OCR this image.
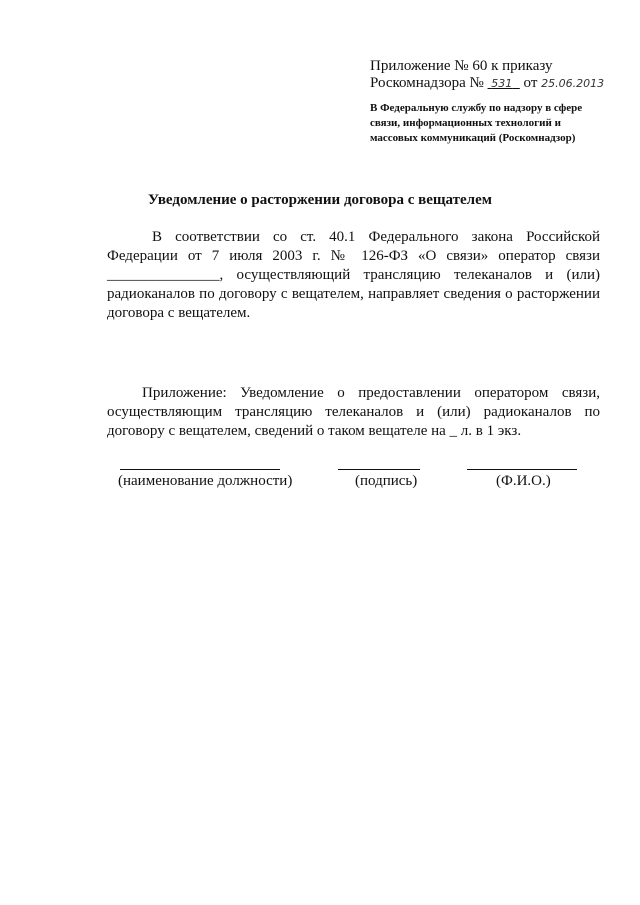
Приложение № 60 к приказу
Роскомнадзора № 531 от 25.06.2013
В Федеральную службу по надзору в сфере связи, информационных технологий и массовых коммуникаций (Роскомнадзор)
Уведомление о расторжении договора с вещателем
В соответствии со ст. 40.1 Федерального закона Российской Федерации от 7 июля 2003 г. № 126-ФЗ «О связи» оператор связи _______________, осуществляющий трансляцию телеканалов и (или) радиоканалов по договору с вещателем, направляет сведения о расторжении договора с вещателем.
Приложение: Уведомление о предоставлении оператором связи, осуществляющим трансляцию телеканалов и (или) радиоканалов по договору с вещателем, сведений о таком вещателе на _ л. в 1 экз.
(наименование должности)	(подпись)	(Ф.И.О.)
